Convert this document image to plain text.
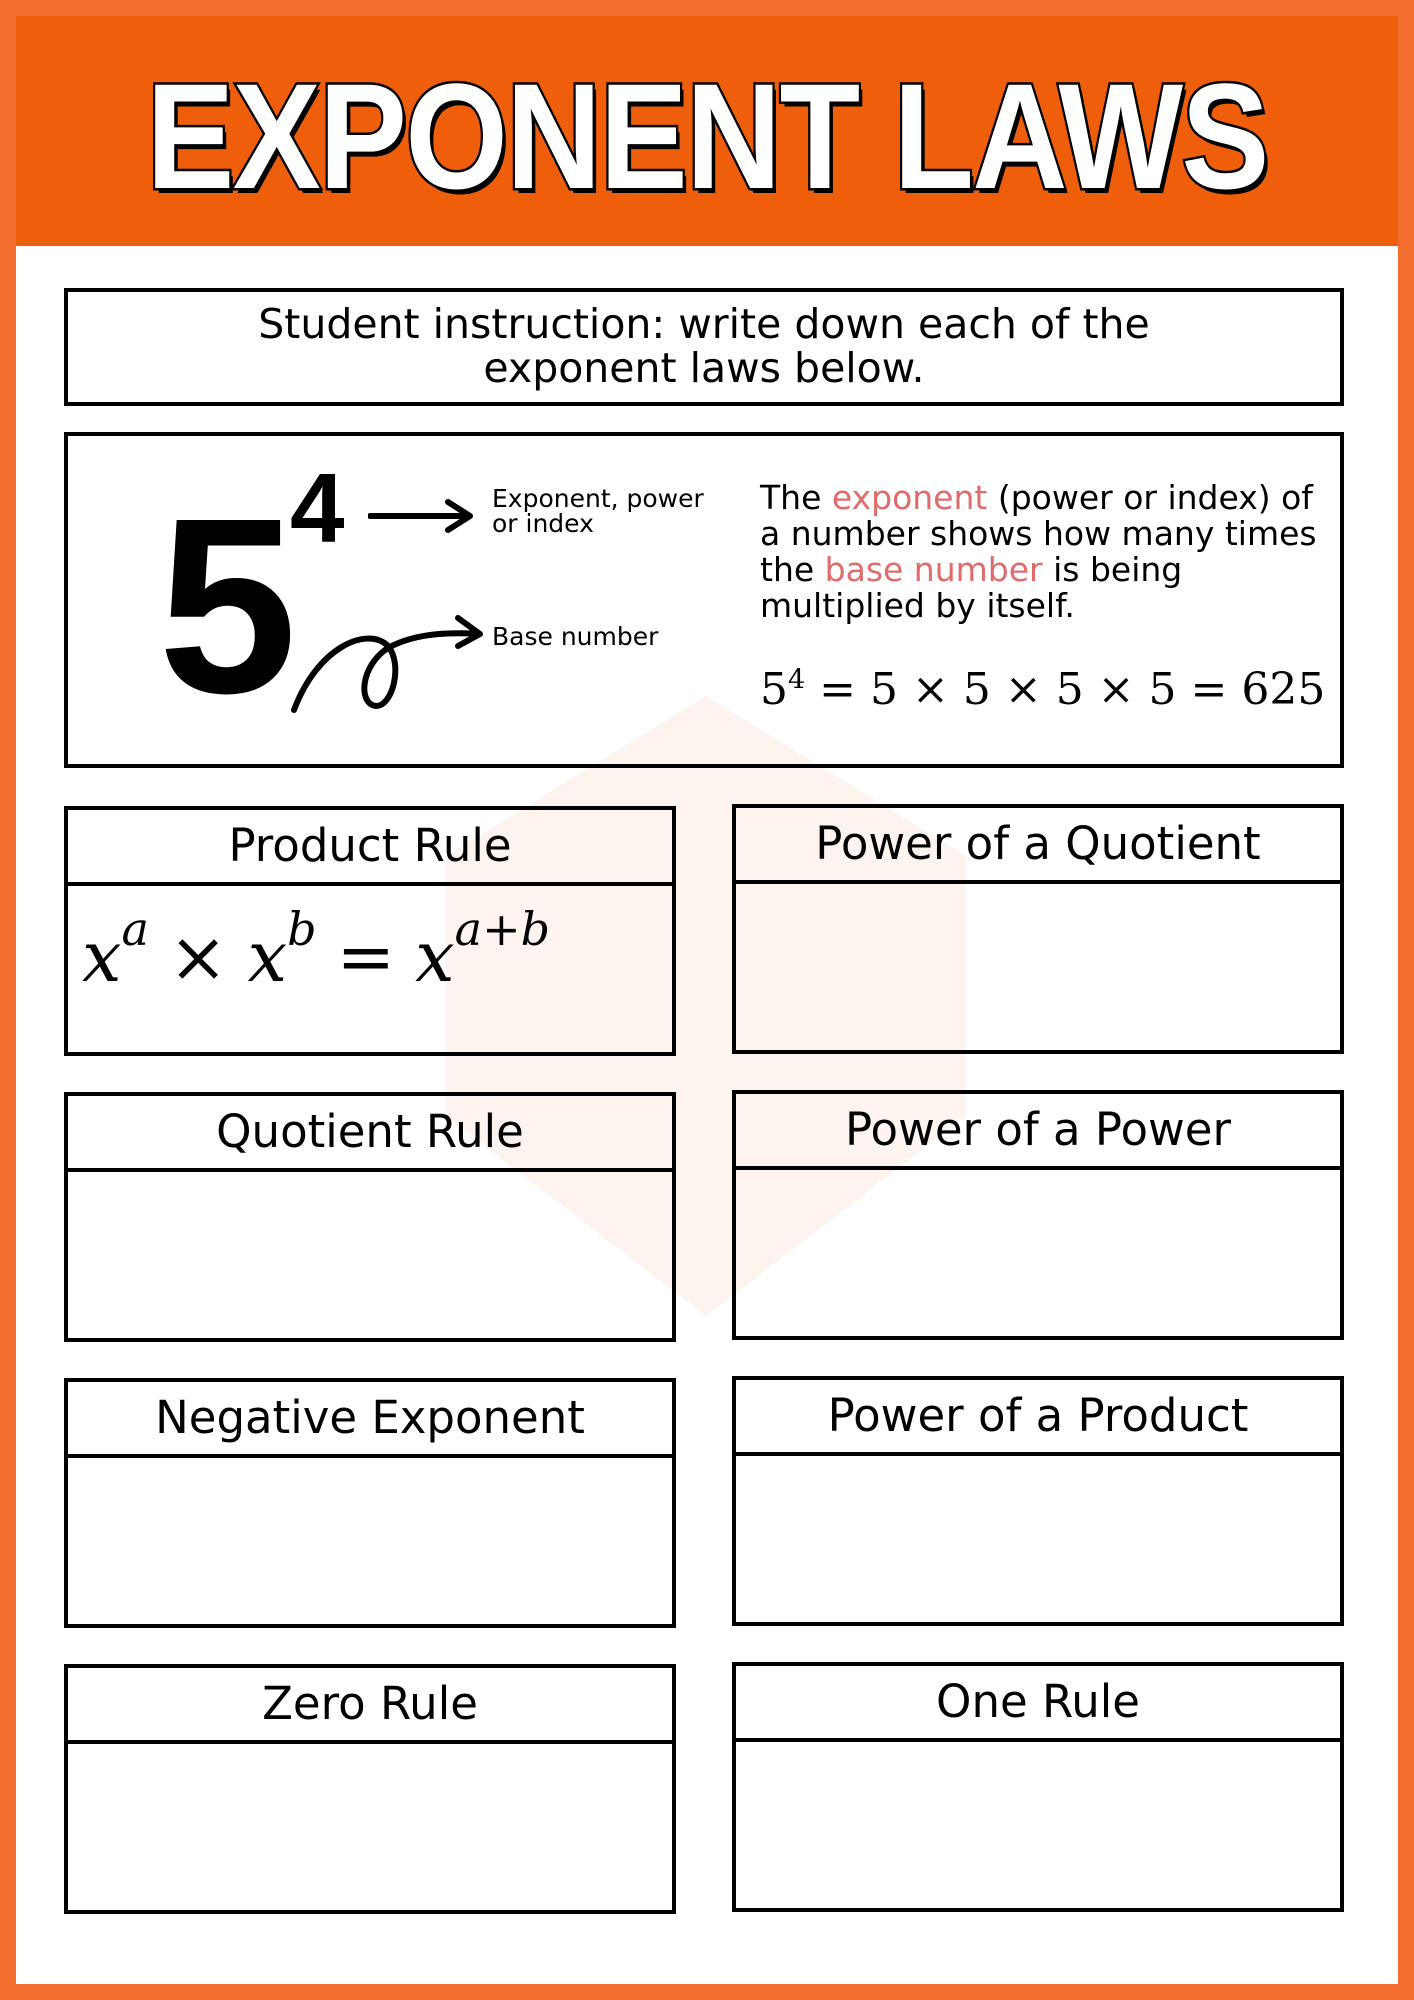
EXPONENT LAWS
Student instruction: write down each of the
exponent laws below.
5
4	Exponent, power
or index
Base number
The exponent (power or index) of a number shows how many times the base number is being multiplied by itself.
$5^4 = 5 \times 5 \times 5 \times 5 = 625$
Product Rule
$x^a \times x^b = x^{a+b}$
Power of a Quotient
Quotient Rule	Power of a Power
Negative Exponent	Power of a Product
Zero Rule	One Rule
